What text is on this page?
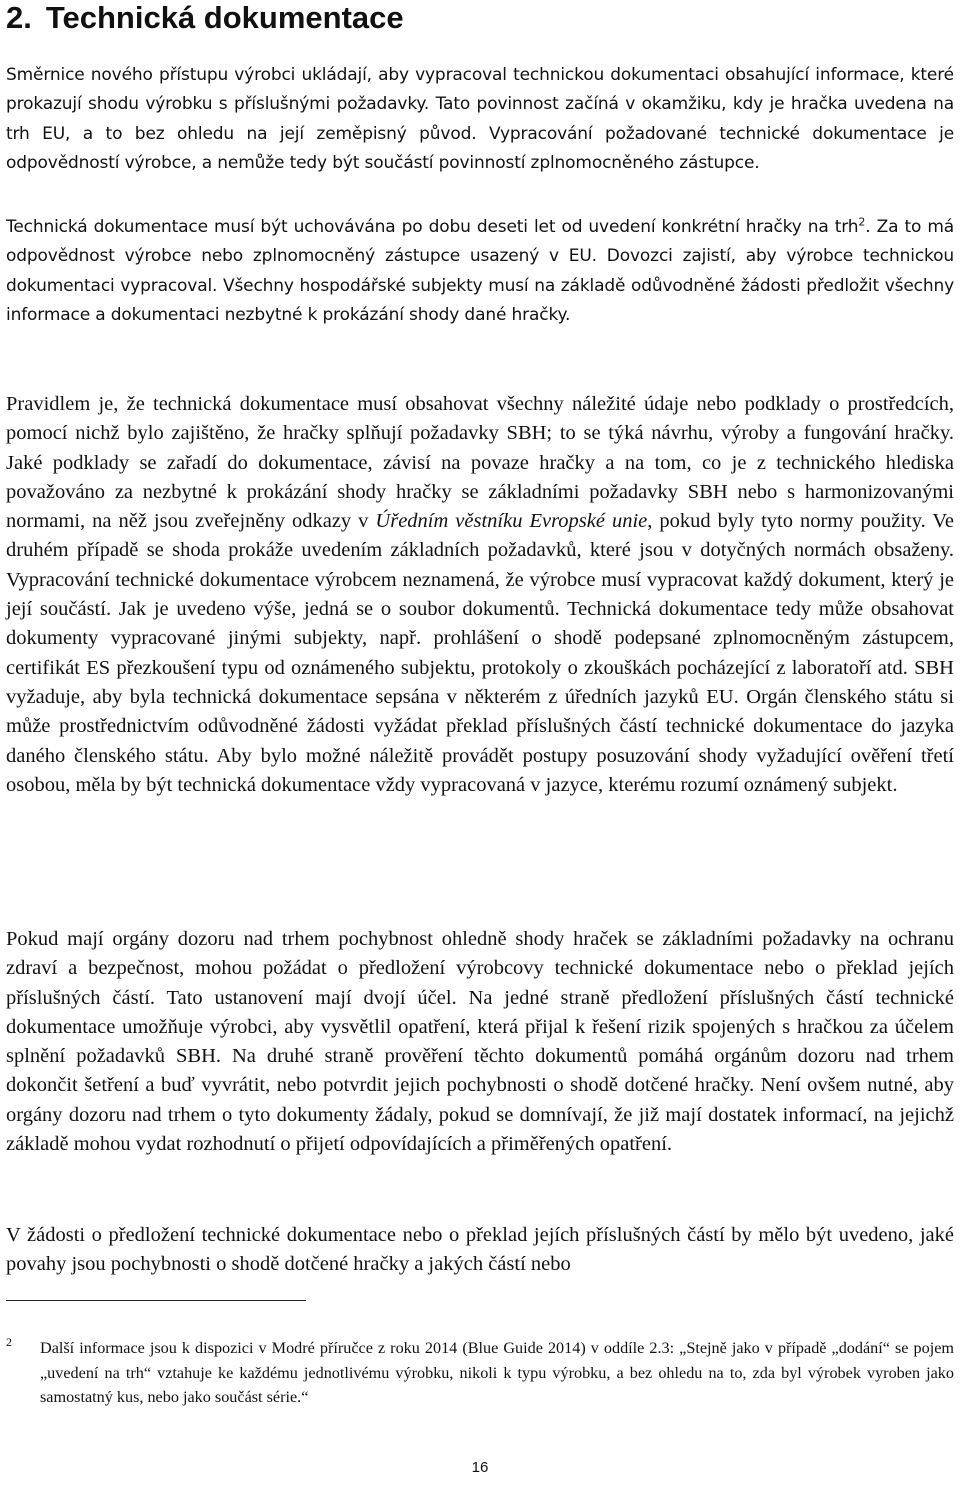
2. Technická dokumentace

Směrnice nového přístupu výrobci ukládají, aby vypracoval technickou dokumentaci obsahující informace, které prokazují shodu výrobku s příslušnými požadavky. Tato povinnost začíná v okamžiku, kdy je hračka uvedena na trh EU, a to bez ohledu na její zeměpisný původ. Vypracování požadované technické dokumentace je odpovědností výrobce, a nemůže tedy být součástí povinností zplnomocněného zástupce.

Technická dokumentace musí být uchovávána po dobu deseti let od uvedení konkrétní hračky na trh$^2$. Za to má odpovědnost výrobce nebo zplnomocněný zástupce usazený v EU. Dovozci zajistí, aby výrobce technickou dokumentaci vypracoval. Všechny hospodářské subjekty musí na základě odůvodněné žádosti předložit všechny informace a dokumentaci nezbytné k prokázání shody dané hračky.

Pravidlem je, že technická dokumentace musí obsahovat všechny náležité údaje nebo podklady o prostředcích, pomocí nichž bylo zajištěno, že hračky splňují požadavky SBH; to se týká návrhu, výroby a fungování hračky. Jaké podklady se zařadí do dokumentace, závisí na povaze hračky a na tom, co je z technického hlediska považováno za nezbytné k prokázání shody hračky se základními požadavky SBH nebo s harmonizovanými normami, na něž jsou zveřejněny odkazy v Úředním věstníku Evropské unie, pokud byly tyto normy použity. Ve druhém případě se shoda prokáže uvedením základních požadavků, které jsou v dotyčných normách obsaženy. Vypracování technické dokumentace výrobcem neznamená, že výrobce musí vypracovat každý dokument, který je její součástí. Jak je uvedeno výše, jedná se o soubor dokumentů. Technická dokumentace tedy může obsahovat dokumenty vypracované jinými subjekty, např. prohlášení o shodě podepsané zplnomocněným zástupcem, certifikát ES přezkoušení typu od oznámeného subjektu, protokoly o zkouškách pocházející z laboratoří atd. SBH vyžaduje, aby byla technická dokumentace sepsána v některém z úředních jazyků EU. Orgán členského státu si může prostřednictvím odůvodněné žádosti vyžádat překlad příslušných částí technické dokumentace do jazyka daného členského státu. Aby bylo možné náležitě provádět postupy posuzování shody vyžadující ověření třetí osobou, měla by být technická dokumentace vždy vypracovaná v jazyce, kterému rozumí oznámený subjekt.

Pokud mají orgány dozoru nad trhem pochybnost ohledně shody hraček se základními požadavky na ochranu zdraví a bezpečnost, mohou požádat o předložení výrobcovy technické dokumentace nebo o překlad jejích příslušných částí. Tato ustanovení mají dvojí účel. Na jedné straně předložení příslušných částí technické dokumentace umožňuje výrobci, aby vysvětlil opatření, která přijal k řešení rizik spojených s hračkou za účelem splnění požadavků SBH. Na druhé straně prověření těchto dokumentů pomáhá orgánům dozoru nad trhem dokončit šetření a buď vyvrátit, nebo potvrdit jejich pochybnosti o shodě dotčené hračky. Není ovšem nutné, aby orgány dozoru nad trhem o tyto dokumenty žádaly, pokud se domnívají, že již mají dostatek informací, na jejichž základě mohou vydat rozhodnutí o přijetí odpovídajících a přiměřených opatření.

V žádosti o předložení technické dokumentace nebo o překlad jejích příslušných částí by mělo být uvedeno, jaké povahy jsou pochybnosti o shodě dotčené hračky a jakých částí nebo

2 Další informace jsou k dispozici v Modré příručce z roku 2014 (Blue Guide 2014) v oddíle 2.3: „Stejně jako v případě „dodání“ se pojem „uvedení na trh“ vztahuje ke každému jednotlivému výrobku, nikoli k typu výrobku, a bez ohledu na to, zda byl výrobek vyroben jako samostatný kus, nebo jako součást série.“
16
